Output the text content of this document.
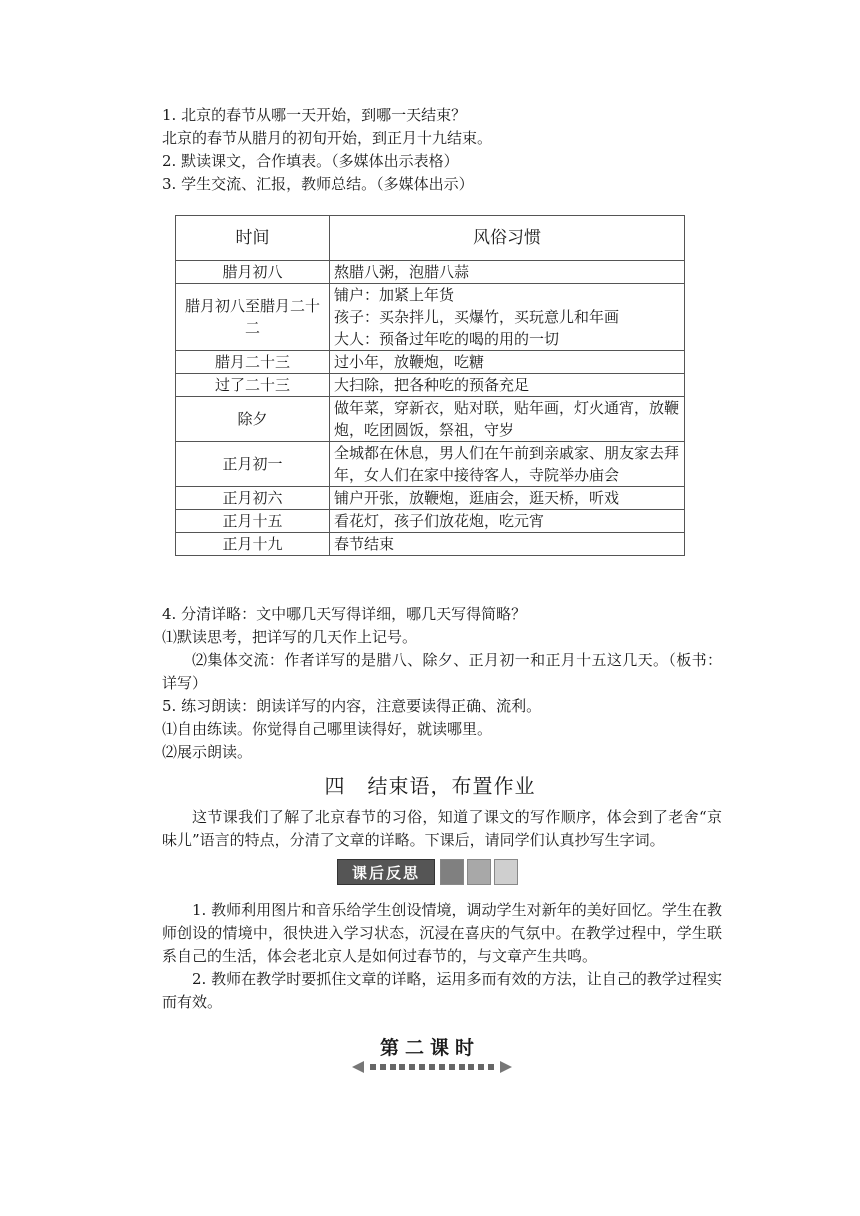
1. 北京的春节从哪一天开始，到哪一天结束？
北京的春节从腊月的初旬开始，到正月十九结束。
2. 默读课文，合作填表。（多媒体出示表格）
3. 学生交流、汇报，教师总结。（多媒体出示）
时间	风俗习惯
腊月初八	熬腊八粥，泡腊八蒜
腊月初八至腊月二十二	铺户：加紧上年货
孩子：买杂拌儿，买爆竹，买玩意儿和年画
大人：预备过年吃的喝的用的一切

腊月二十三	过小年，放鞭炮，吃糖
过了二十三	大扫除，把各种吃的预备充足
除夕	做年菜，穿新衣，贴对联，贴年画，灯火通宵，放鞭炮，吃团圆饭，祭祖，守岁
正月初一	全城都在休息，男人们在午前到亲戚家、朋友家去拜年，女人们在家中接待客人，寺院举办庙会
正月初六	铺户开张，放鞭炮，逛庙会，逛天桥，听戏
正月十五	看花灯，孩子们放花炮，吃元宵
正月十九	春节结束
4. 分清详略：文中哪几天写得详细，哪几天写得简略？
⑴默读思考，把详写的几天作上记号。

⑵集体交流：作者详写的是腊八、除夕、正月初一和正月十五这几天。（板书：详写）

5. 练习朗读：朗读详写的内容，注意要读得正确、流利。
⑴自由练读。你觉得自己哪里读得好，就读哪里。
⑵展示朗读。
四 结束语，布置作业

这节课我们了解了北京春节的习俗，知道了课文的写作顺序，体会到了老舍“京味儿”语言的特点，分清了文章的详略。下课后，请同学们认真抄写生字词。

课后反思

1. 教师利用图片和音乐给学生创设情境，调动学生对新年的美好回忆。学生在教师创设的情境中，很快进入学习状态，沉浸在喜庆的气氛中。在教学过程中，学生联系自己的生活，体会老北京人是如何过春节的，与文章产生共鸣。

2. 教师在教学时要抓住文章的详略，运用多而有效的方法，让自己的教学过程实而有效。

第二课时
